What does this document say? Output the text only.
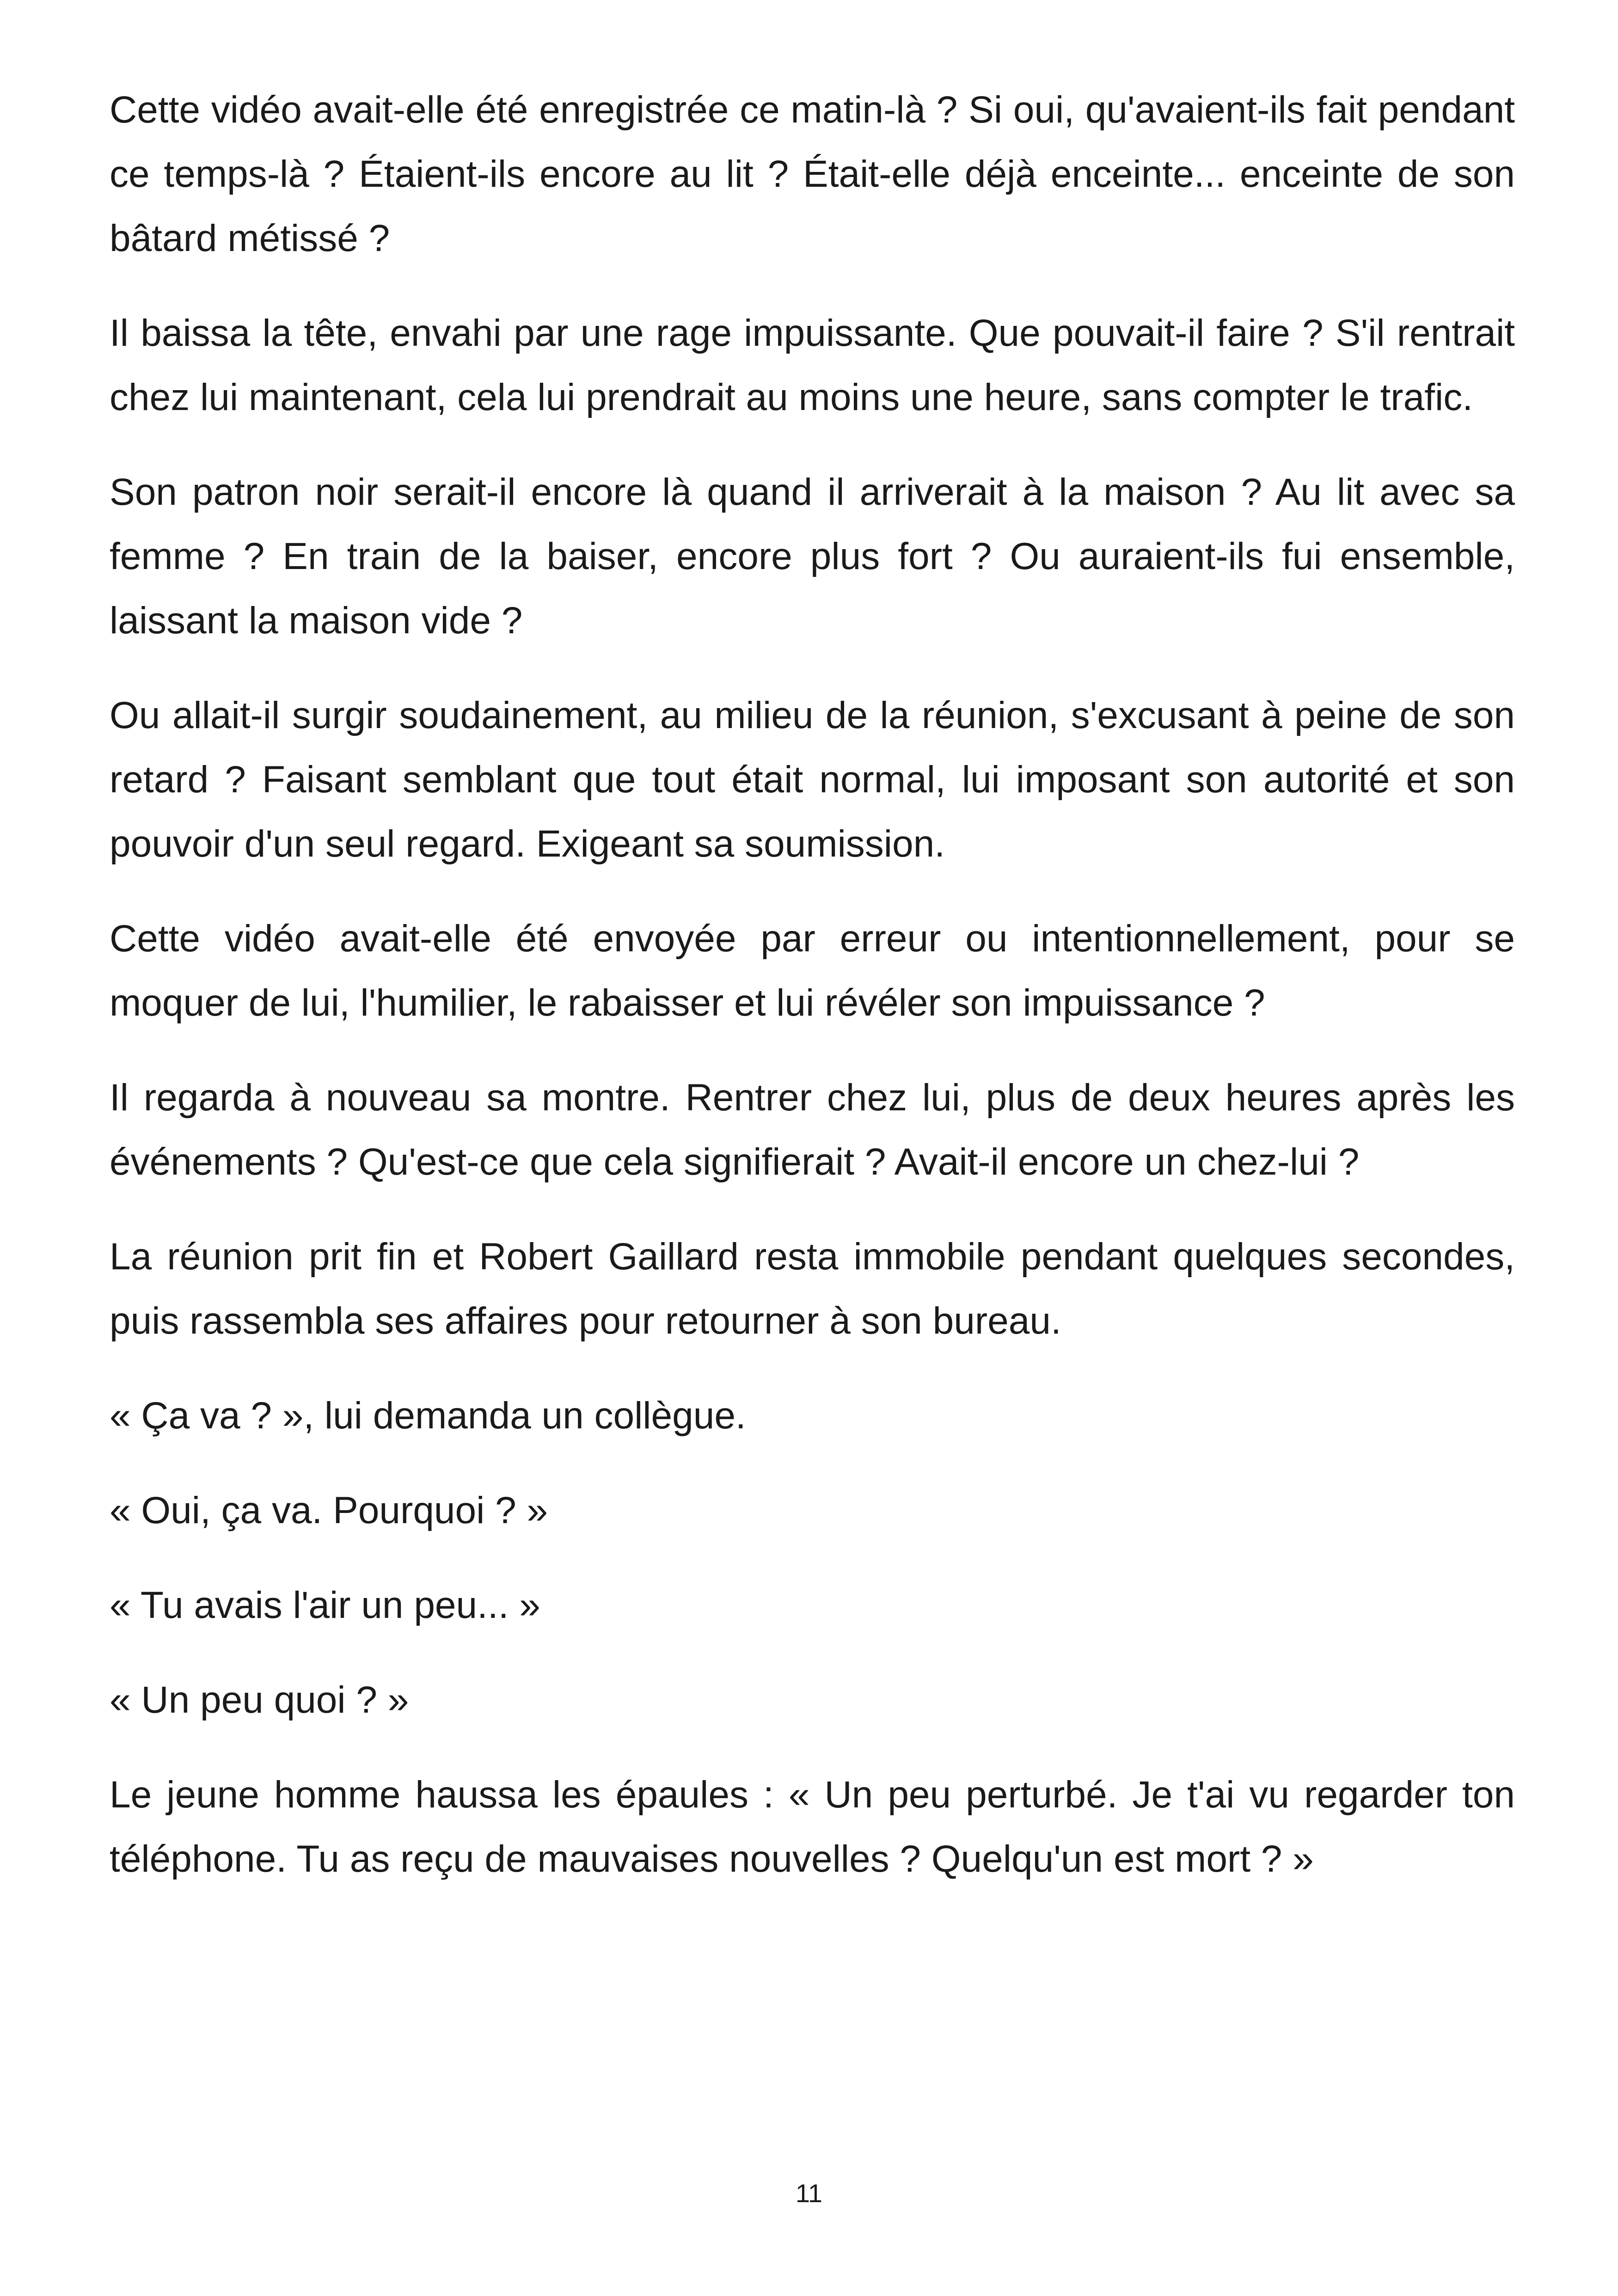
Cette vidéo avait-elle été enregistrée ce matin-là ? Si oui, qu'avaient-ils fait pendant ce temps-là ? Étaient-ils encore au lit ? Était-elle déjà enceinte... enceinte de son bâtard métissé ?

Il baissa la tête, envahi par une rage impuissante. Que pouvait-il faire ? S'il rentrait chez lui maintenant, cela lui prendrait au moins une heure, sans compter le trafic.

Son patron noir serait-il encore là quand il arriverait à la maison ? Au lit avec sa femme ? En train de la baiser, encore plus fort ? Ou auraient-ils fui ensemble, laissant la maison vide ?

Ou allait-il surgir soudainement, au milieu de la réunion, s'excusant à peine de son retard ? Faisant semblant que tout était normal, lui imposant son autorité et son pouvoir d'un seul regard. Exigeant sa soumission.

Cette vidéo avait-elle été envoyée par erreur ou intentionnellement, pour se moquer de lui, l'humilier, le rabaisser et lui révéler son impuissance ?

Il regarda à nouveau sa montre. Rentrer chez lui, plus de deux heures après les événements ? Qu'est-ce que cela signifierait ? Avait-il encore un chez-lui ?

La réunion prit fin et Robert Gaillard resta immobile pendant quelques secondes, puis rassembla ses affaires pour retourner à son bureau.

« Ça va ? », lui demanda un collègue.

« Oui, ça va. Pourquoi ? »

« Tu avais l'air un peu... »

« Un peu quoi ? »

Le jeune homme haussa les épaules : « Un peu perturbé. Je t'ai vu regarder ton téléphone. Tu as reçu de mauvaises nouvelles ? Quelqu'un est mort ? »

11
